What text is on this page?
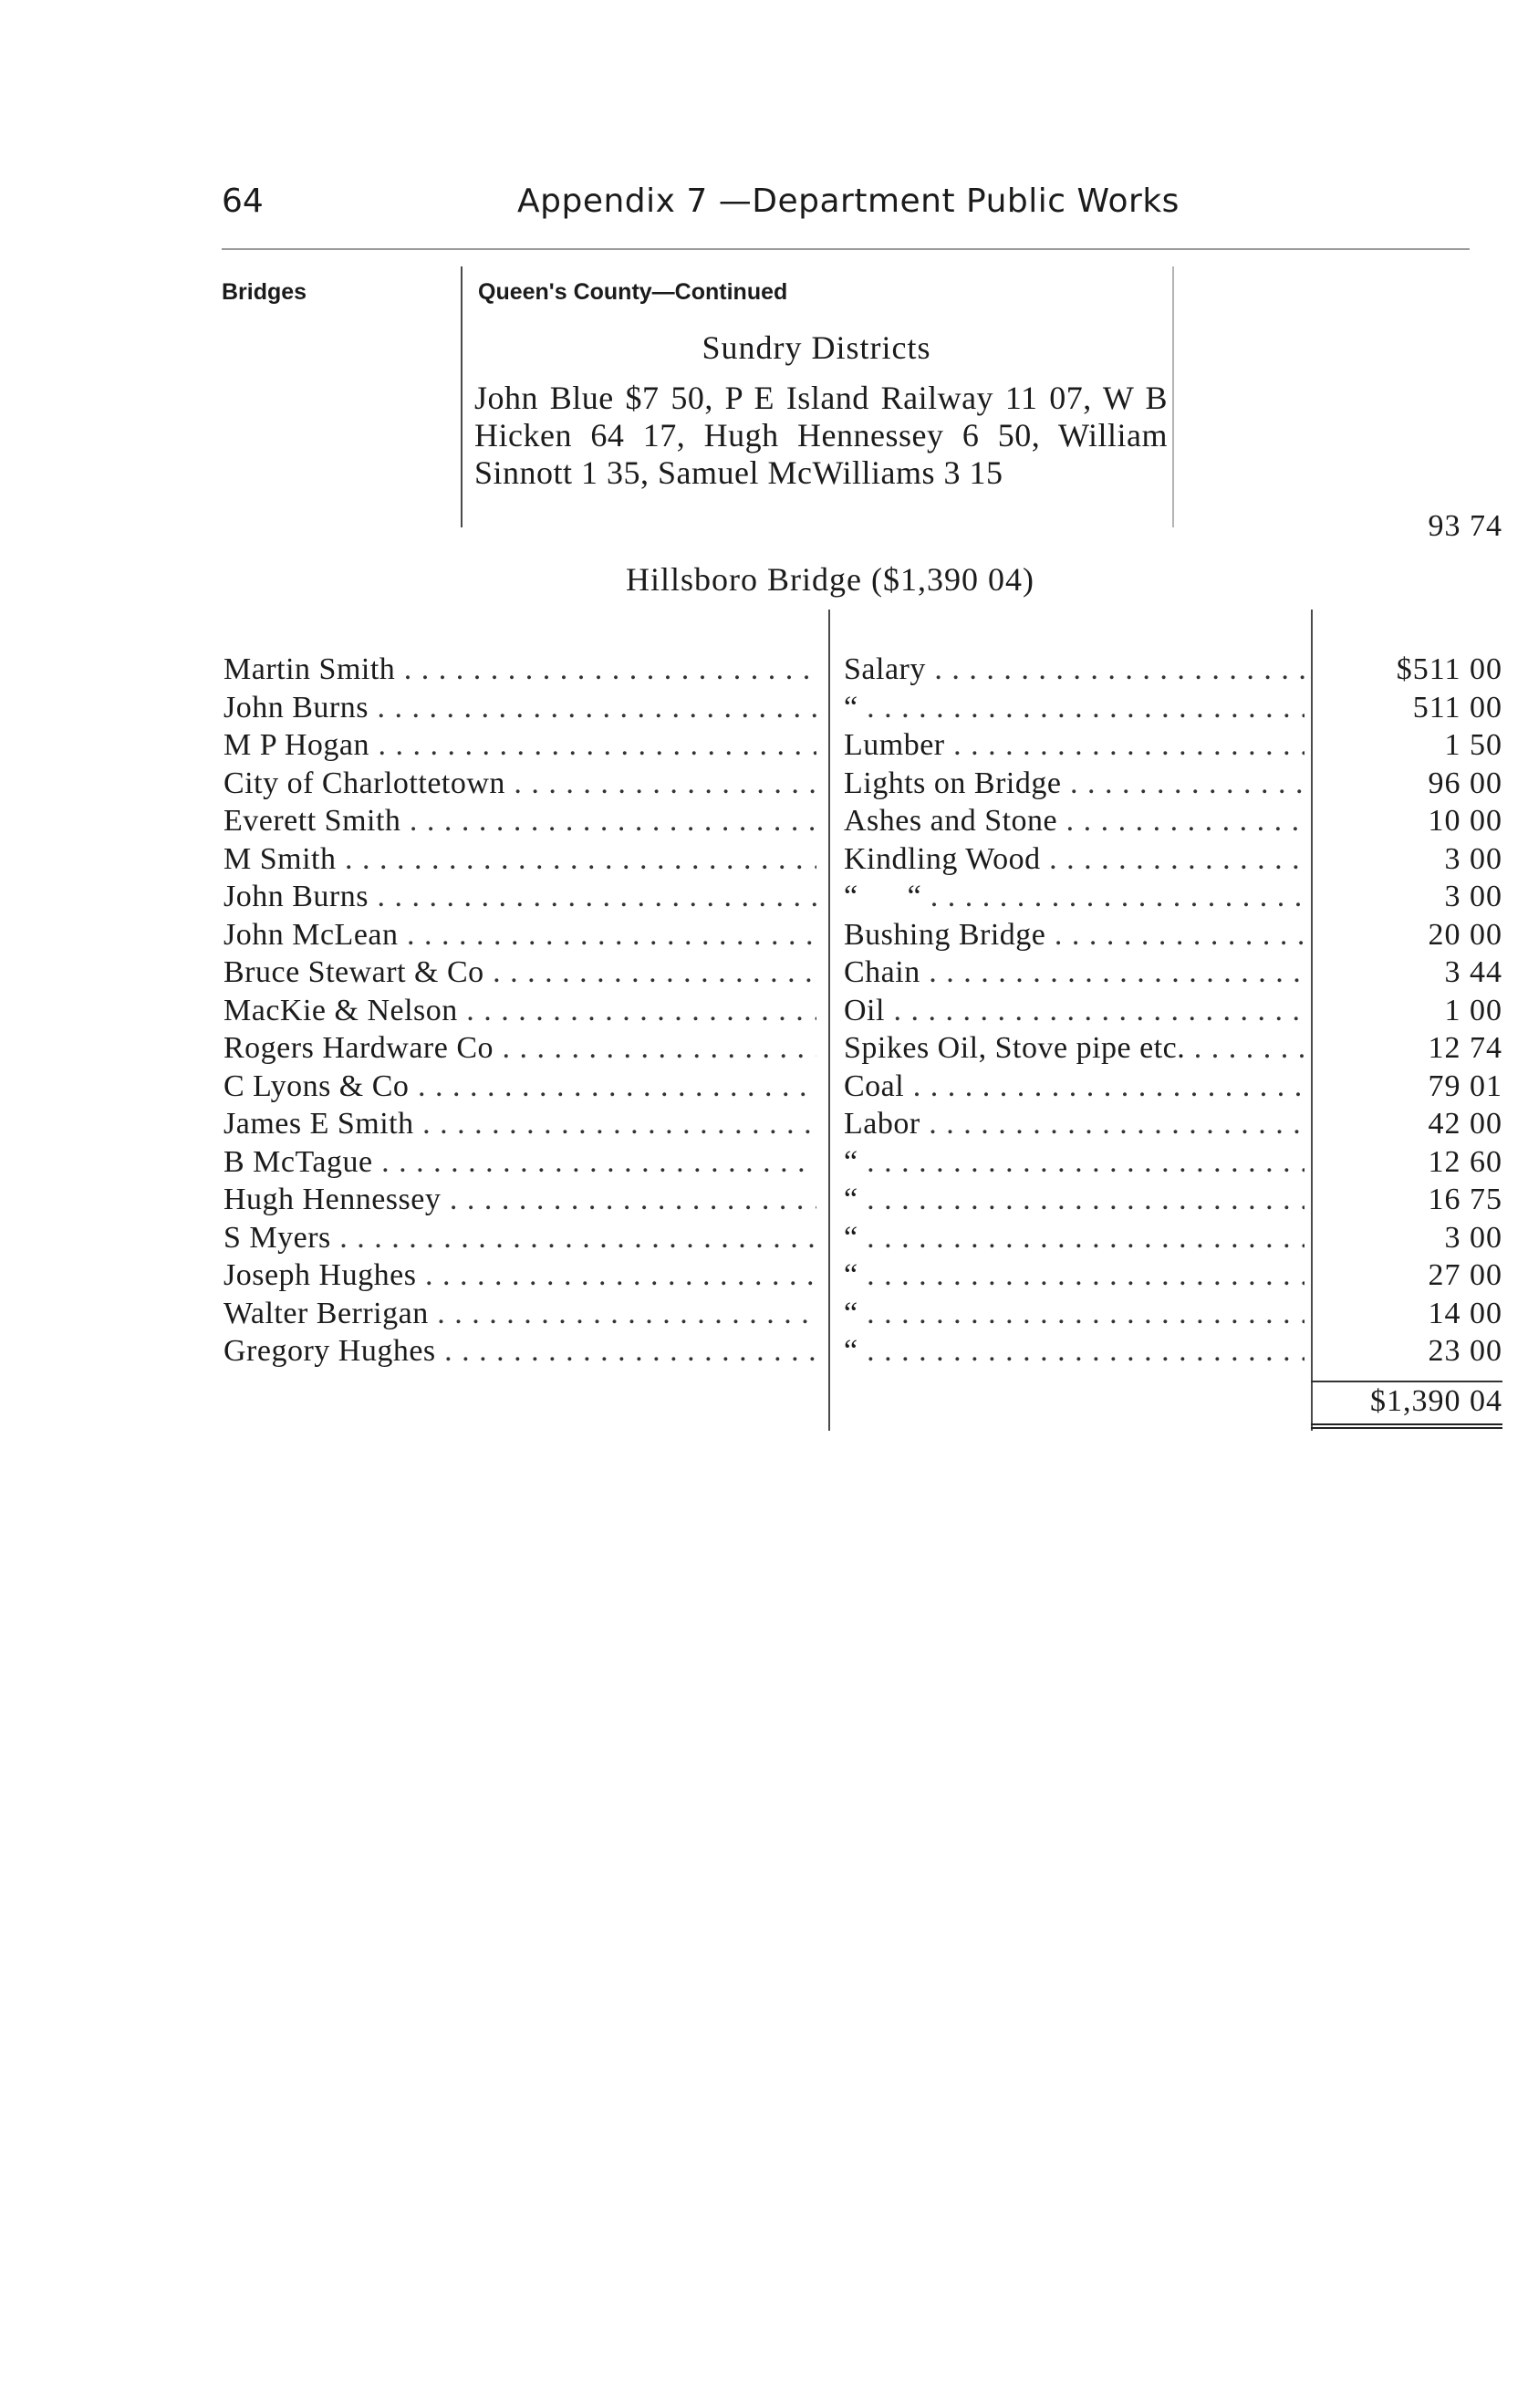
64	Appendix 7 —Department Public Works
Bridges	Queen's County—Continued
Sundry Districts
John Blue $7 50, P E Island Railway 11 07, W B Hicken 64 17, Hugh Hennessey 6 50, William Sinnott 1 35, Samuel McWilliams 3 15
93 74
Hillsboro Bridge ($1,390 04)
Martin Smith . . .	Salary . . .	$511 00
John Burns . . .	“ . . .	511 00
M P Hogan . . .	Lumber . . .	1 50
City of Charlottetown . . .	Lights on Bridge . . .	96 00
Everett Smith . . .	Ashes and Stone . . .	10 00
M Smith . . .	Kindling Wood . . .	3 00
John Burns . . .	“      “ . . .	3 00
John McLean . . .	Bushing Bridge . . .	20 00
Bruce Stewart & Co . . .	Chain . . .	3 44
MacKie & Nelson . . .	Oil . . .	1 00
Rogers Hardware Co . . .	Spikes Oil, Stove pipe etc. . . .	12 74
C Lyons & Co . . .	Coal . . .	79 01
James E Smith . . .	Labor . . .	42 00
B McTague . . .	“ . . .	12 60
Hugh Hennessey . . .	“ . . .	16 75
S Myers . . .	“ . . .	3 00
Joseph Hughes . . .	“ . . .	27 00
Walter Berrigan . . .	“ . . .	14 00
Gregory Hughes . . .	“ . . .	23 00
$1,390 04
